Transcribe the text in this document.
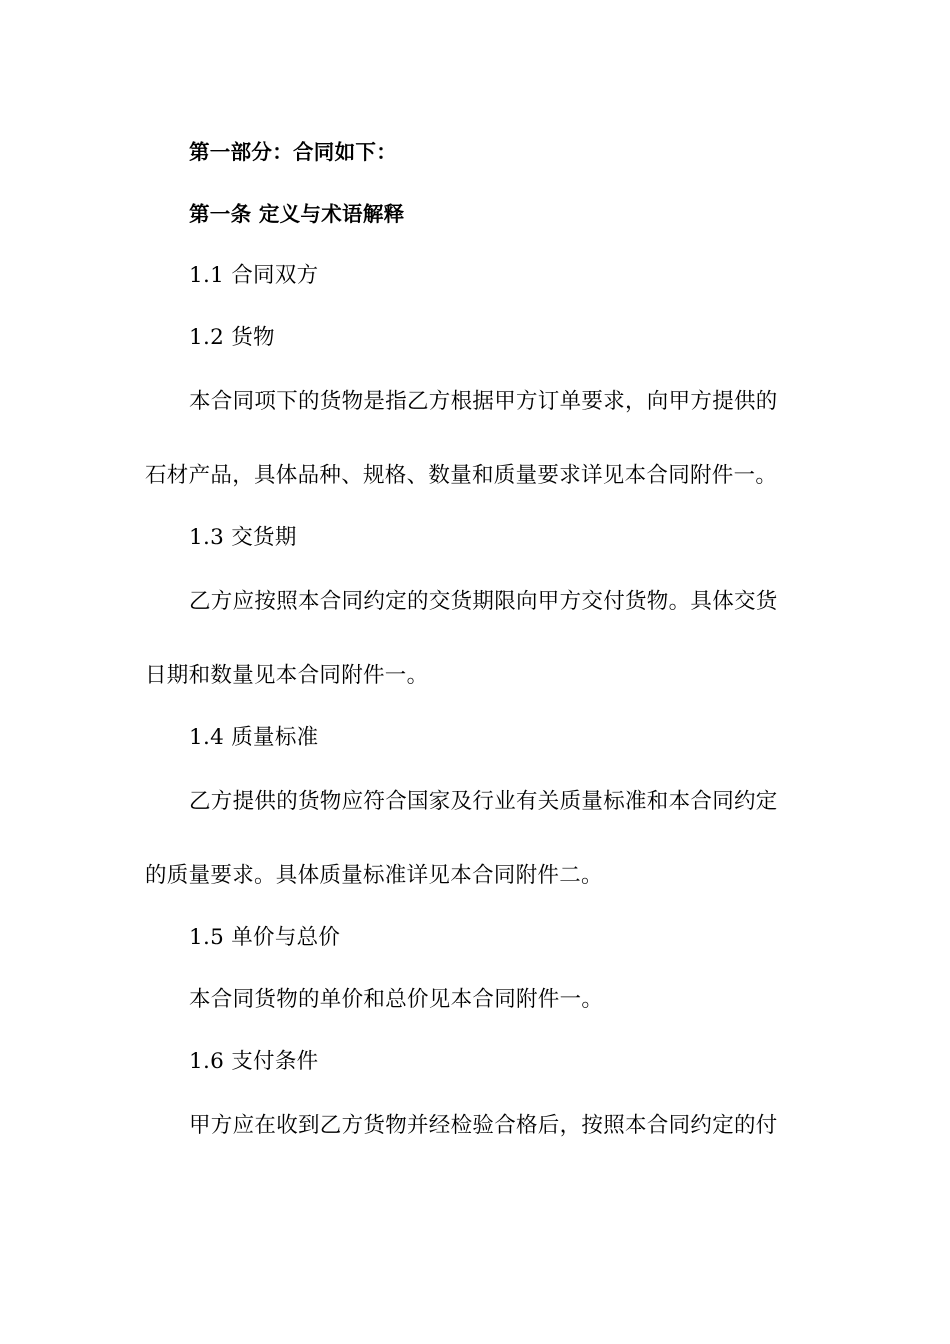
第一部分：合同如下：
第一条 定义与术语解释
1.1 合同双方
1.2 货物
本合同项下的货物是指乙方根据甲方订单要求，向甲方提供的
石材产品，具体品种、规格、数量和质量要求详见本合同附件一。
1.3 交货期
乙方应按照本合同约定的交货期限向甲方交付货物。具体交货
日期和数量见本合同附件一。
1.4 质量标准
乙方提供的货物应符合国家及行业有关质量标准和本合同约定
的质量要求。具体质量标准详见本合同附件二。
1.5 单价与总价
本合同货物的单价和总价见本合同附件一。
1.6 支付条件
甲方应在收到乙方货物并经检验合格后，按照本合同约定的付
